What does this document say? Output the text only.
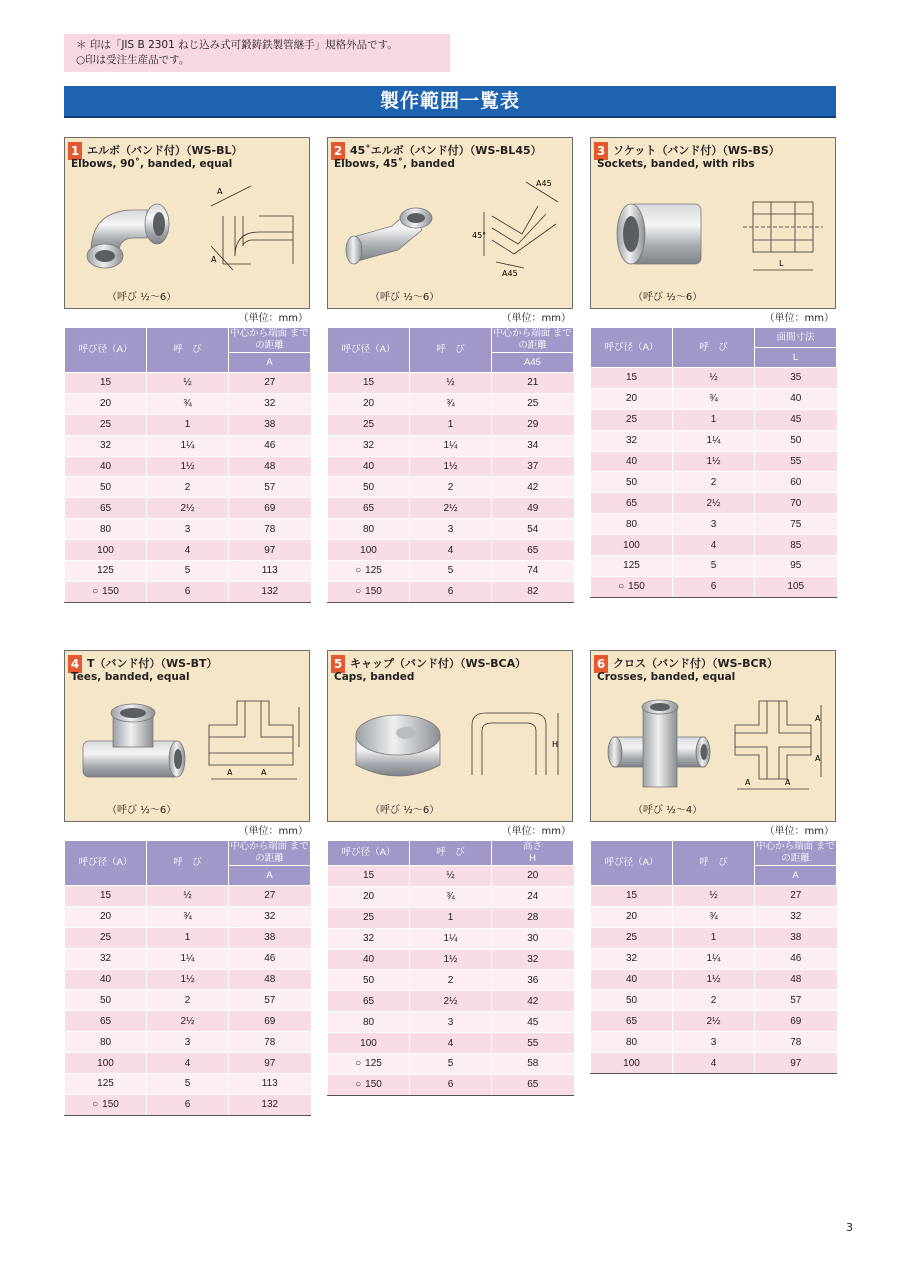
＊ 印は「JIS B 2301 ねじ込み式可鍛鋳鉄製管継手」規格外品です。
○印は受注生産品です。
製作範囲一覧表
1 エルボ（バンド付）（WS-BL）
Elbows, 90˚, banded, equal
A
A
（呼び ½〜6）
（単位：mm）
呼び径（A）	呼　び	中心から端面 までの距離
		A
15	½	27
20	¾	32
25	1	38
32	1¼	46
40	1½	48
50	2	57
65	2½	69
80	3	78
100	4	97
125	5	113
○ 150	6	132
2 45˚エルボ（バンド付）（WS-BL45）
Elbows, 45˚, banded
A45
45°
A45
（呼び ½〜6）
（単位：mm）
呼び径（A）	呼　び	中心から端面 までの距離
		A45
15	½	21
20	¾	25
25	1	29
32	1¼	34
40	1½	37
50	2	42
65	2½	49
80	3	54
100	4	65
○ 125	5	74
○ 150	6	82
3 ソケット（バンド付）（WS-BS）
Sockets, banded, with ribs
L
（呼び ½〜6）
（単位：mm）
呼び径（A）	呼　び	面間寸法
		L
15	½	35
20	¾	40
25	1	45
32	1¼	50
40	1½	55
50	2	60
65	2½	70
80	3	75
100	4	85
125	5	95
○ 150	6	105
4 T（バンド付）（WS-BT）
Tees, banded, equal
A	A
（呼び ½〜6）
（単位：mm）
呼び径（A）	呼　び	中心から端面 までの距離
		A
15	½	27
20	¾	32
25	1	38
32	1¼	46
40	1½	48
50	2	57
65	2½	69
80	3	78
100	4	97
125	5	113
○ 150	6	132
5 キャップ（バンド付）（WS-BCA）
Caps, banded
H
（呼び ½〜6）
（単位：mm）
呼び径（A）	呼　び	高さ
H

15	½	20
20	¾	24
25	1	28
32	1¼	30
40	1½	32
50	2	36
65	2½	42
80	3	45
100	4	55
○ 125	5	58
○ 150	6	65
6 クロス（バンド付）（WS-BCR）
Crosses, banded, equal
A	A
A
A
（呼び ½〜4）
（単位：mm）
呼び径（A）	呼　び	中心から端面 までの距離
		A
15	½	27
20	¾	32
25	1	38
32	1¼	46
40	1½	48
50	2	57
65	2½	69
80	3	78
100	4	97
3
